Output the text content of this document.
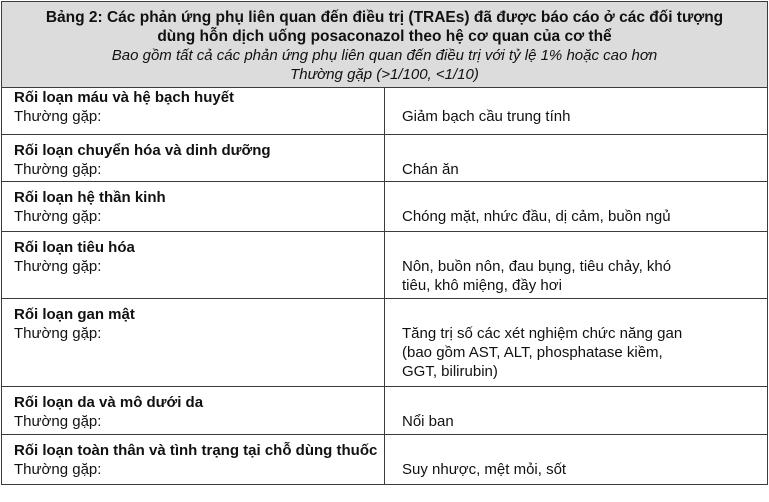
Bảng 2: Các phản ứng phụ liên quan đến điều trị (TRAEs) đã được báo cáo ở các đối tượng
dùng hỗn dịch uống posaconazol theo hệ cơ quan của cơ thể
Bao gồm tất cả các phản ứng phụ liên quan đến điều trị với tỷ lệ 1% hoặc cao hơn
Thường gặp (>1/100, <1/10)	

Rối loạn máu và hệ bạch huyết
Thường gặp:	Giảm bạch cầu trung tính

Rối loạn chuyển hóa và dinh dưỡng
Thường gặp:	Chán ăn

Rối loạn hệ thần kinh
Thường gặp:	Chóng mặt, nhức đầu, dị cảm, buồn ngủ

Rối loạn tiêu hóa
Thường gặp:	Nôn, buồn nôn, đau bụng, tiêu chảy, khó
tiêu, khô miệng, đầy hơi

Rối loạn gan mật
Thường gặp:	Tăng trị số các xét nghiệm chức năng gan
(bao gồm AST, ALT, phosphatase kiềm,
GGT, bilirubin)

Rối loạn da và mô dưới da
Thường gặp:	Nổi ban

Rối loạn toàn thân và tình trạng tại chỗ dùng thuốc
Thường gặp:	Suy nhược, mệt mỏi, sốt
